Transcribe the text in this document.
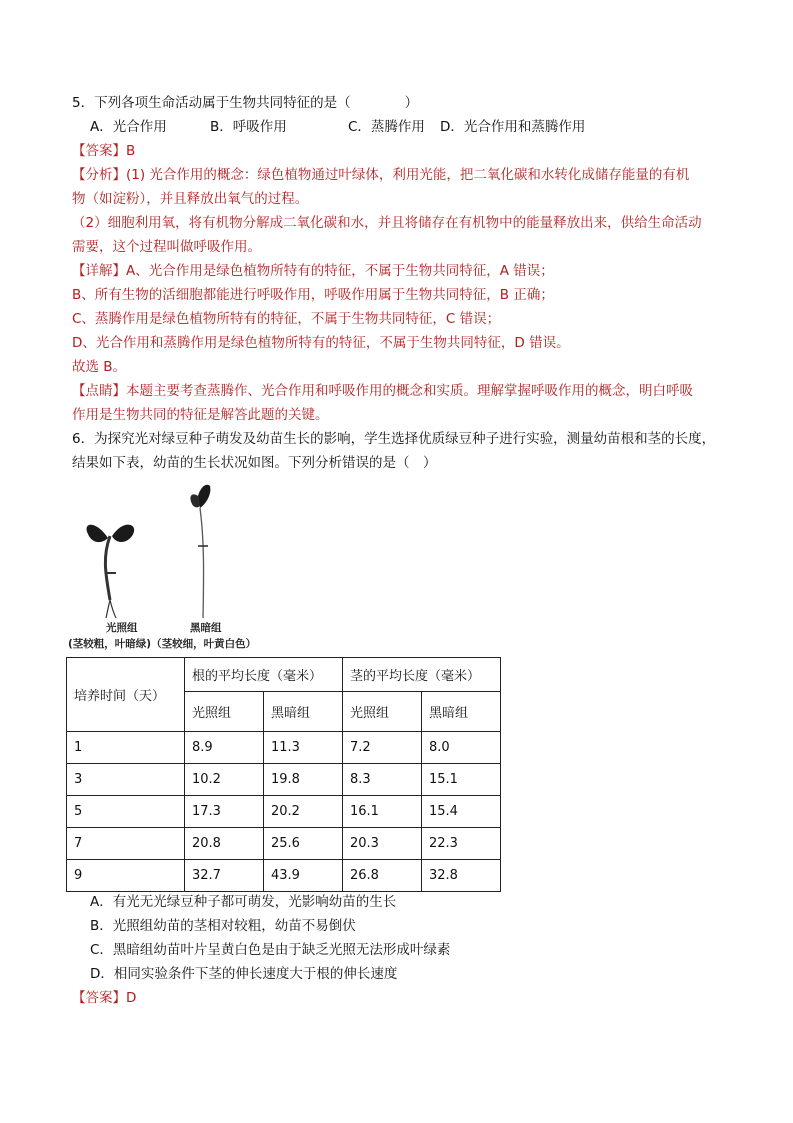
5．下列各项生命活动属于生物共同特征的是（　　　　）
A．光合作用	B．呼吸作用	C．蒸腾作用 D．光合作用和蒸腾作用
【答案】B
【分析】(1) 光合作用的概念：绿色植物通过叶绿体，利用光能，把二氧化碳和水转化成储存能量的有机
物（如淀粉），并且释放出氧气的过程。
（2）细胞利用氧，将有机物分解成二氧化碳和水，并且将储存在有机物中的能量释放出来，供给生命活动
需要，这个过程叫做呼吸作用。
【详解】A、光合作用是绿色植物所特有的特征，不属于生物共同特征，A 错误；
B、所有生物的活细胞都能进行呼吸作用，呼吸作用属于生物共同特征，B 正确；
C、蒸腾作用是绿色植物所特有的特征，不属于生物共同特征，C 错误；
D、光合作用和蒸腾作用是绿色植物所特有的特征，不属于生物共同特征，D 错误。
故选 B。
【点睛】本题主要考查蒸腾作、光合作用和呼吸作用的概念和实质。理解掌握呼吸作用的概念，明白呼吸
作用是生物共同的特征是解答此题的关键。
6．为探究光对绿豆种子萌发及幼苗生长的影响，学生选择优质绿豆种子进行实验，测量幼苗根和茎的长度，
结果如下表，幼苗的生长状况如图。下列分析错误的是（　）
光照组	黑暗组
(茎较粗，叶暗绿)（茎较细，叶黄白色）
培养时间（天）	根的平均长度（毫米）		茎的平均长度（毫米）	
	光照组	黑暗组	光照组	黑暗组
1	8.9	11.3	7.2	8.0
3	10.2	19.8	8.3	15.1
5	17.3	20.2	16.1	15.4
7	20.8	25.6	20.3	22.3
9	32.7	43.9	26.8	32.8
A．有光无光绿豆种子都可萌发，光影响幼苗的生长
B．光照组幼苗的茎相对较粗，幼苗不易倒伏
C．黑暗组幼苗叶片呈黄白色是由于缺乏光照无法形成叶绿素
D．相同实验条件下茎的伸长速度大于根的伸长速度
【答案】D
